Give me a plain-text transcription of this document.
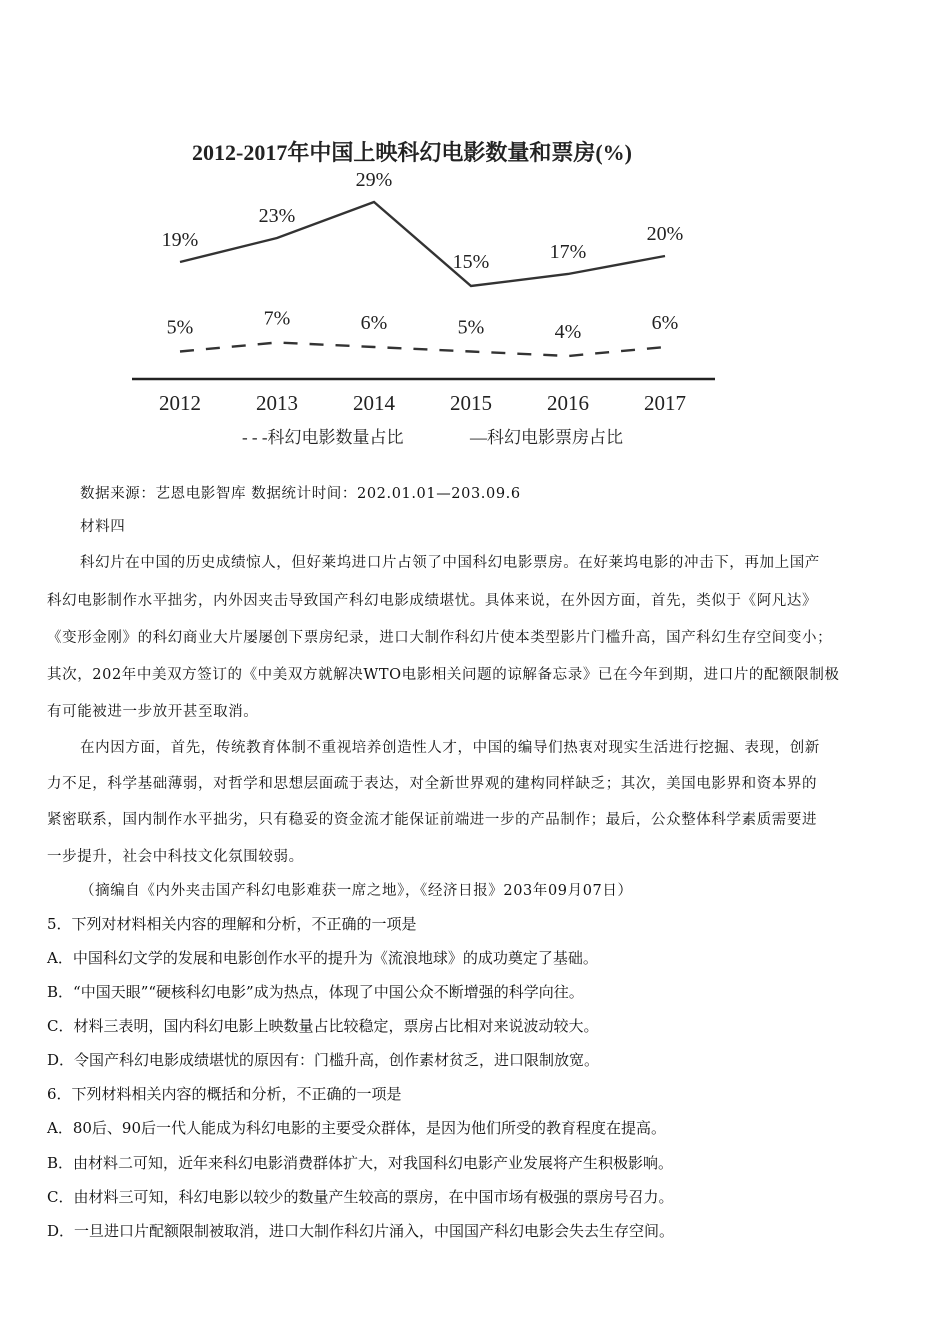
2012-2017年中国上映科幻电影数量和票房(%)
19%
23%
29%
15%	17%
20%
5%	7%	6%	5%	4%	6%
2012	2013	2014	2015	2016	2017
- - -科幻电影数量占比	—科幻电影票房占比
数据来源：艺恩电影智库 数据统计时间：202.01.01—203.09.6
材料四
科幻片在中国的历史成绩惊人，但好莱坞进口片占领了中国科幻电影票房。在好莱坞电影的冲击下，再加上国产
科幻电影制作水平拙劣，内外因夹击导致国产科幻电影成绩堪忧。具体来说，在外因方面，首先，类似于《阿凡达》
《变形金刚》的科幻商业大片屡屡创下票房纪录，进口大制作科幻片使本类型影片门槛升高，国产科幻生存空间变小；
其次，202年中美双方签订的《中美双方就解决WTO电影相关问题的谅解备忘录》已在今年到期，进口片的配额限制极
有可能被进一步放开甚至取消。
在内因方面，首先，传统教育体制不重视培养创造性人才，中国的编导们热衷对现实生活进行挖掘、表现，创新
力不足，科学基础薄弱，对哲学和思想层面疏于表达，对全新世界观的建构同样缺乏；其次，美国电影界和资本界的
紧密联系，国内制作水平拙劣，只有稳妥的资金流才能保证前端进一步的产品制作；最后，公众整体科学素质需要进
一步提升，社会中科技文化氛围较弱。
（摘编自《内外夹击国产科幻电影难获一席之地》，《经济日报》203年09月07日）
5．下列对材料相关内容的理解和分析，不正确的一项是
A．中国科幻文学的发展和电影创作水平的提升为《流浪地球》的成功奠定了基础。
B．“中国天眼”“硬核科幻电影”成为热点，体现了中国公众不断增强的科学向往。
C．材料三表明，国内科幻电影上映数量占比较稳定，票房占比相对来说波动较大。
D．令国产科幻电影成绩堪忧的原因有：门槛升高，创作素材贫乏，进口限制放宽。
6．下列材料相关内容的概括和分析，不正确的一项是
A．80后、90后一代人能成为科幻电影的主要受众群体，是因为他们所受的教育程度在提高。
B．由材料二可知，近年来科幻电影消费群体扩大，对我国科幻电影产业发展将产生积极影响。
C．由材料三可知，科幻电影以较少的数量产生较高的票房，在中国市场有极强的票房号召力。
D．一旦进口片配额限制被取消，进口大制作科幻片涌入，中国国产科幻电影会失去生存空间。
